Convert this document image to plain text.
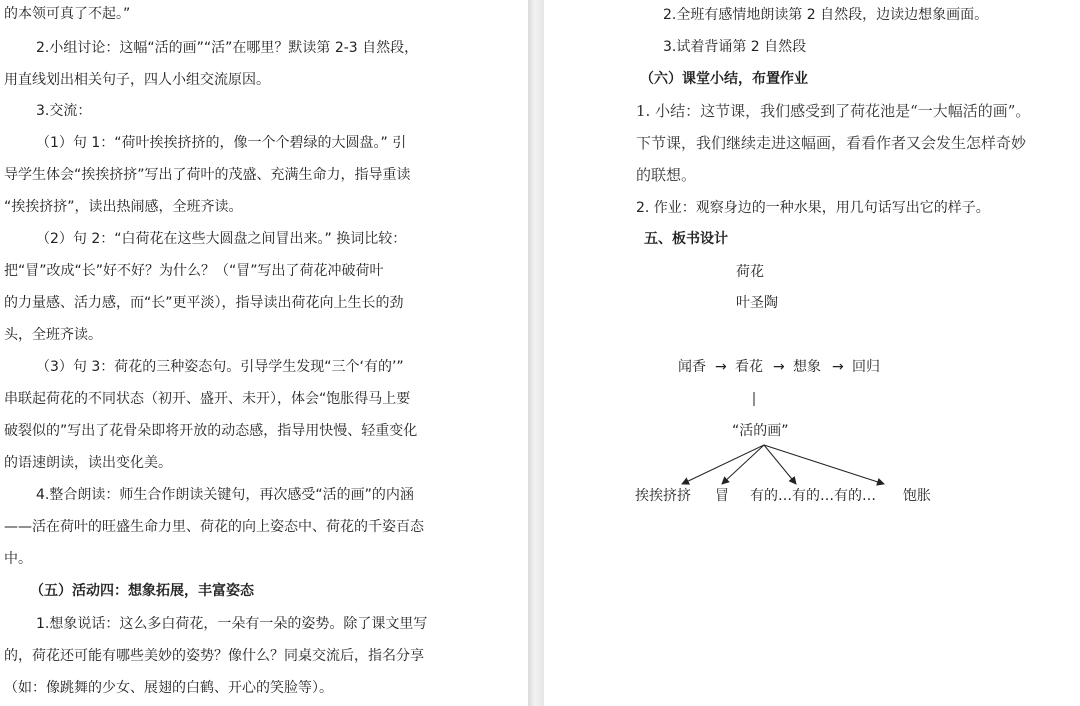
的本领可真了不起。”
2.小组讨论：这幅“活的画”“活”在哪里？默读第 2-3 自然段，
用直线划出相关句子，四人小组交流原因。
3.交流：
（1）句 1：“荷叶挨挨挤挤的，像一个个碧绿的大圆盘。” 引
导学生体会“挨挨挤挤”写出了荷叶的茂盛、充满生命力，指导重读
“挨挨挤挤”，读出热闹感，全班齐读。
（2）句 2：“白荷花在这些大圆盘之间冒出来。” 换词比较：
把“冒”改成“长”好不好？为什么？（“冒”写出了荷花冲破荷叶
的力量感、活力感，而“长”更平淡），指导读出荷花向上生长的劲
头，全班齐读。
（3）句 3：荷花的三种姿态句。引导学生发现“三个‘有的’”
串联起荷花的不同状态（初开、盛开、未开），体会“饱胀得马上要
破裂似的”写出了花骨朵即将开放的动态感，指导用快慢、轻重变化
的语速朗读，读出变化美。
4.整合朗读：师生合作朗读关键句，再次感受“活的画”的内涵
——活在荷叶的旺盛生命力里、荷花的向上姿态中、荷花的千姿百态
中。
（五）活动四：想象拓展，丰富姿态
1.想象说话：这么多白荷花，一朵有一朵的姿势。除了课文里写
的，荷花还可能有哪些美妙的姿势？像什么？同桌交流后，指名分享
（如：像跳舞的少女、展翅的白鹤、开心的笑脸等）。
2.全班有感情地朗读第 2 自然段，边读边想象画面。
3.试着背诵第 2 自然段
（六）课堂小结，布置作业
1. 小结：这节课，我们感受到了荷花池是“一大幅活的画”。
下节课，我们继续走进这幅画，看看作者又会发生怎样奇妙
的联想。
2. 作业：观察身边的一种水果，用几句话写出它的样子。
五、板书设计
荷花
叶圣陶
闻香 → 看花 → 想象 → 回归
“活的画”
挨挨挤挤 冒 有的…有的…有的… 饱胀
